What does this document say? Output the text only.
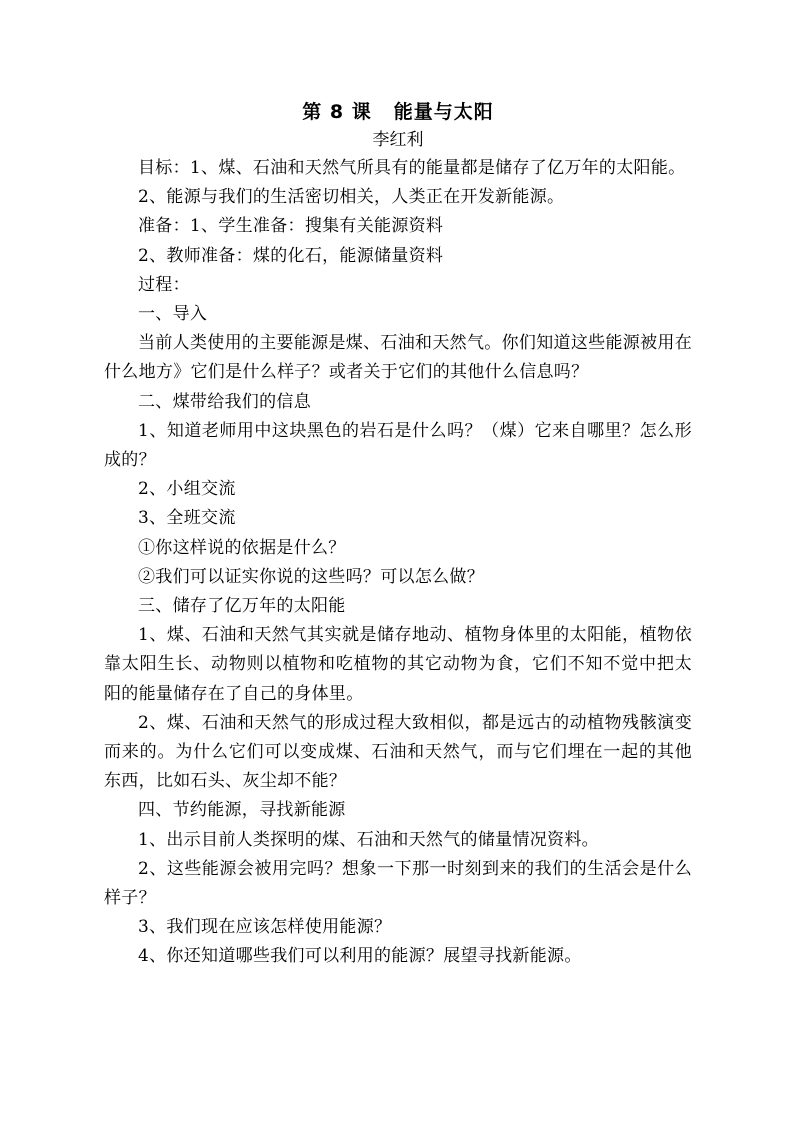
第 8 课 能量与太阳
李红利
目标：1、煤、石油和天然气所具有的能量都是储存了亿万年的太阳能。
2、能源与我们的生活密切相关，人类正在开发新能源。
准备：1、学生准备：搜集有关能源资料
2、教师准备：煤的化石，能源储量资料
过程：
一、导入
当前人类使用的主要能源是煤、石油和天然气。你们知道这些能源被用在什么地方》它们是什么样子？或者关于它们的其他什么信息吗？
二、煤带给我们的信息
1、知道老师用中这块黑色的岩石是什么吗？（煤）它来自哪里？怎么形成的？
2、小组交流
3、全班交流
①你这样说的依据是什么？
②我们可以证实你说的这些吗？可以怎么做？
三、储存了亿万年的太阳能
1、煤、石油和天然气其实就是储存地动、植物身体里的太阳能，植物依靠太阳生长、动物则以植物和吃植物的其它动物为食，它们不知不觉中把太阳的能量储存在了自己的身体里。
2、煤、石油和天然气的形成过程大致相似，都是远古的动植物残骸演变而来的。为什么它们可以变成煤、石油和天然气，而与它们埋在一起的其他东西，比如石头、灰尘却不能？
四、节约能源，寻找新能源
1、出示目前人类探明的煤、石油和天然气的储量情况资料。
2、这些能源会被用完吗？想象一下那一时刻到来的我们的生活会是什么样子？
3、我们现在应该怎样使用能源？
4、你还知道哪些我们可以利用的能源？展望寻找新能源。
